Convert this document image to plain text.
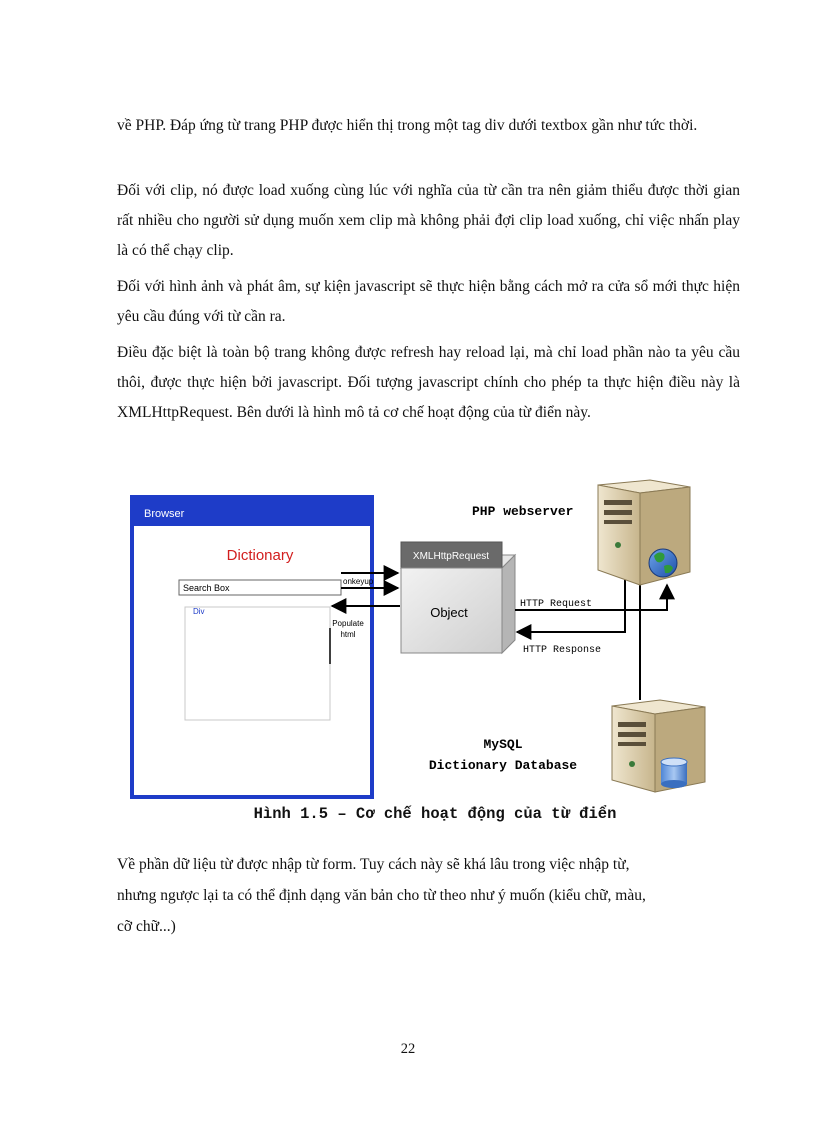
về PHP. Đáp ứng từ trang PHP được hiển thị trong một tag div dưới textbox gần như tức thời.

Đối với clip, nó được load xuống cùng lúc với nghĩa của từ cần tra nên giảm thiểu được thời gian rất nhiều cho người sử dụng muốn xem clip mà không phải đợi clip load xuống, chỉ việc nhấn play là có thể chạy clip.

Đối với hình ảnh và phát âm, sự kiện javascript sẽ thực hiện bằng cách mở ra cửa sổ mới thực hiện yêu cầu đúng với từ cần ra.

Điều đặc biệt là toàn bộ trang không được refresh hay reload lại, mà chỉ load phần nào ta yêu cầu thôi, được thực hiện bởi javascript. Đối tượng javascript chính cho phép ta thực hiện điều này là XMLHttpRequest. Bên dưới là hình mô tả cơ chế hoạt động của từ điển này.

Browser
Dictionary
Search Box
Div
onkeyup
Populate
html
XMLHttpRequest
Object
HTTP Request
HTTP Response
PHP webserver
MySQL
Dictionary Database
Hình 1.5 – Cơ chế hoạt động của từ điển

Về phần dữ liệu từ được nhập từ form. Tuy cách này sẽ khá lâu trong việc nhập từ,
nhưng ngược lại ta có thể định dạng văn bản cho từ theo như ý muốn (kiểu chữ, màu,
cỡ chữ...)

22
